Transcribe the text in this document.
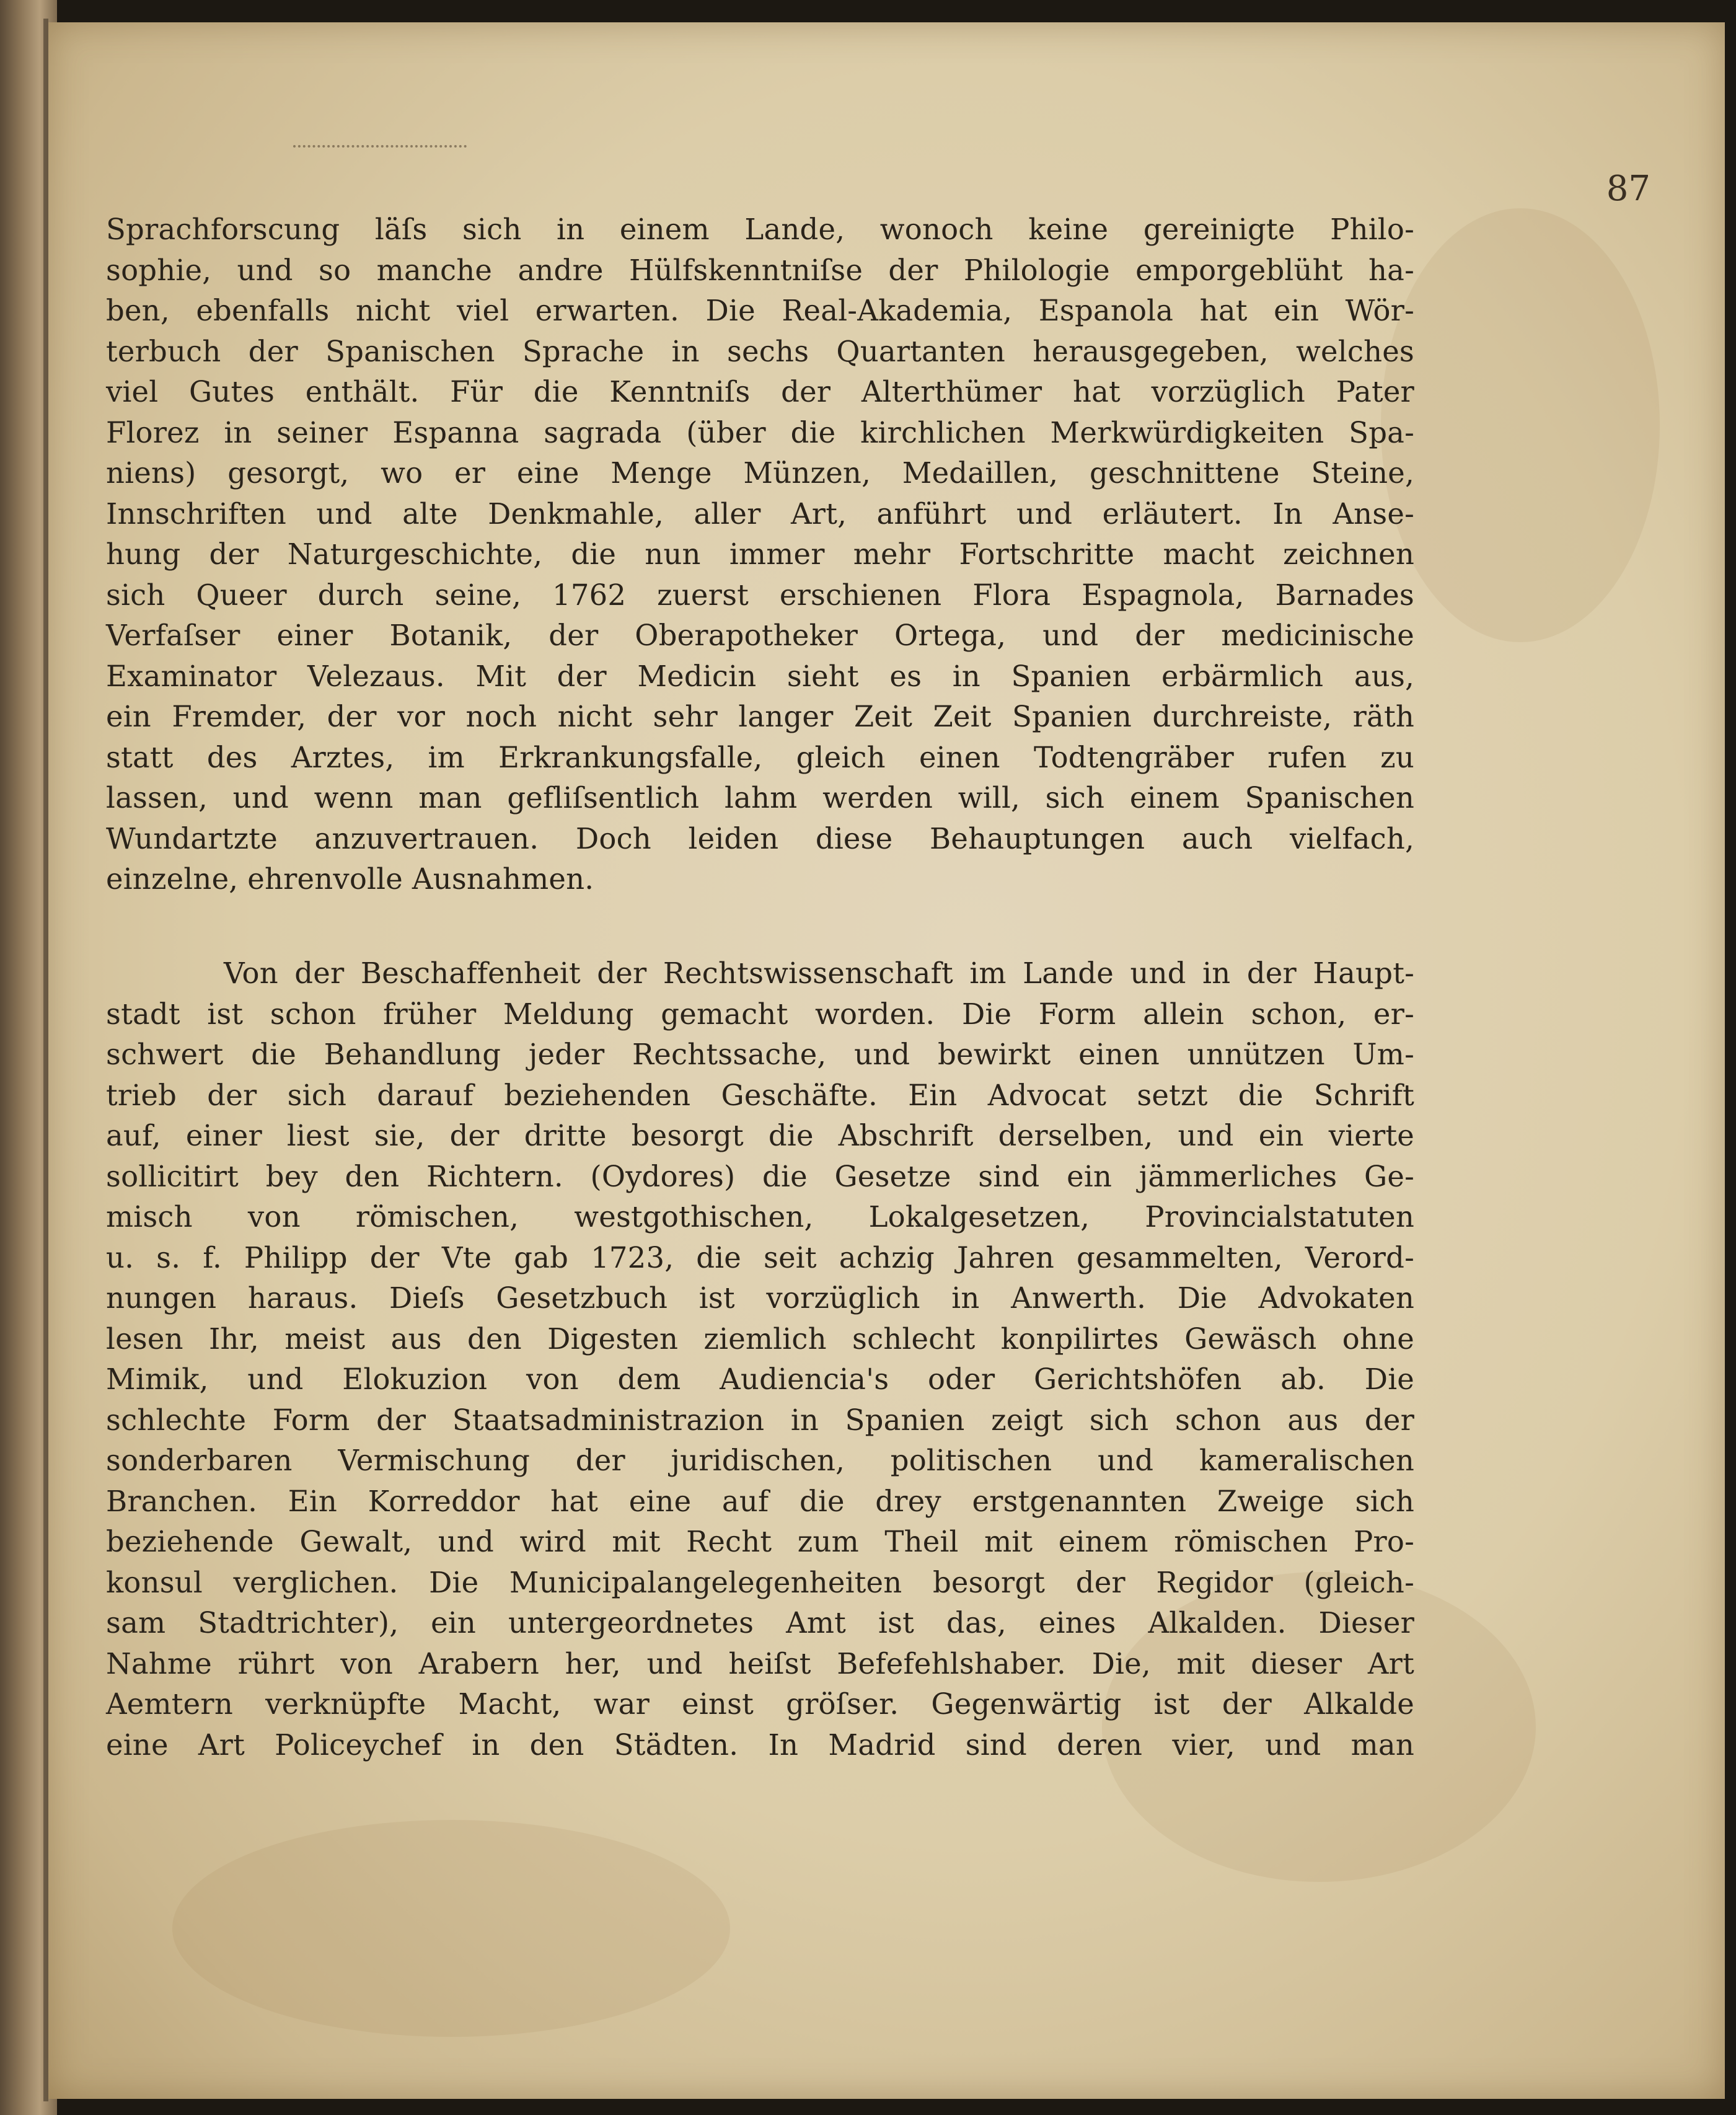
87
Sprachforscung läſs sich in einem Lande, wonoch keine gereinigte Philo-
sophie, und so manche andre Hülfskenntniſse der Philologie emporgeblüht ha-
ben, ebenfalls nicht viel erwarten. Die Real-Akademia, Espanola hat ein Wör-
terbuch der Spanischen Sprache in sechs Quartanten herausgegeben, welches
viel Gutes enthält. Für die Kenntniſs der Alterthümer hat vorzüglich Pater
Florez in seiner Espanna sagrada (über die kirchlichen Merkwürdigkeiten Spa-
niens) gesorgt, wo er eine Menge Münzen, Medaillen, geschnittene Steine,
Innschriften und alte Denkmahle, aller Art, anführt und erläutert. In Anse-
hung der Naturgeschichte, die nun immer mehr Fortschritte macht zeichnen
sich Queer durch seine, 1762 zuerst erschienen Flora Espagnola, Barnades
Verfaſser einer Botanik, der Oberapotheker Ortega, und der medicinische
Examinator Velezaus. Mit der Medicin sieht es in Spanien erbärmlich aus,
ein Fremder, der vor noch nicht sehr langer Zeit Zeit Spanien durchreiste, räth
statt des Arztes, im Erkrankungsfalle, gleich einen Todtengräber rufen zu
lassen, und wenn man gefliſsentlich lahm werden will, sich einem Spanischen
Wundartzte anzuvertrauen. Doch leiden diese Behauptungen auch vielfach,
einzelne, ehrenvolle Ausnahmen.
Von der Beschaffenheit der Rechtswissenschaft im Lande und in der Haupt-
stadt ist schon früher Meldung gemacht worden. Die Form allein schon, er-
schwert die Behandlung jeder Rechtssache, und bewirkt einen unnützen Um-
trieb der sich darauf beziehenden Geschäfte. Ein Advocat setzt die Schrift
auf, einer liest sie, der dritte besorgt die Abschrift derselben, und ein vierte
sollicitirt bey den Richtern. (Oydores) die Gesetze sind ein jämmerliches Ge-
misch von römischen, westgothischen, Lokalgesetzen, Provincialstatuten
u. s. f. Philipp der Vte gab 1723, die seit achzig Jahren gesammelten, Verord-
nungen haraus. Dieſs Gesetzbuch ist vorzüglich in Anwerth. Die Advokaten
lesen Ihr, meist aus den Digesten ziemlich schlecht konpilirtes Gewäsch ohne
Mimik, und Elokuzion von dem Audiencia's oder Gerichtshöfen ab. Die
schlechte Form der Staatsadministrazion in Spanien zeigt sich schon aus der
sonderbaren Vermischung der juridischen, politischen und kameralischen
Branchen. Ein Korreddor hat eine auf die drey erstgenannten Zweige sich
beziehende Gewalt, und wird mit Recht zum Theil mit einem römischen Pro-
konsul verglichen. Die Municipalangelegenheiten besorgt der Regidor (gleich-
sam Stadtrichter), ein untergeordnetes Amt ist das, eines Alkalden. Dieser
Nahme rührt von Arabern her, und heiſst Befefehlshaber. Die, mit dieser Art
Aemtern verknüpfte Macht, war einst gröſser. Gegenwärtig ist der Alkalde
eine Art Policeychef in den Städten. In Madrid sind deren vier, und man
